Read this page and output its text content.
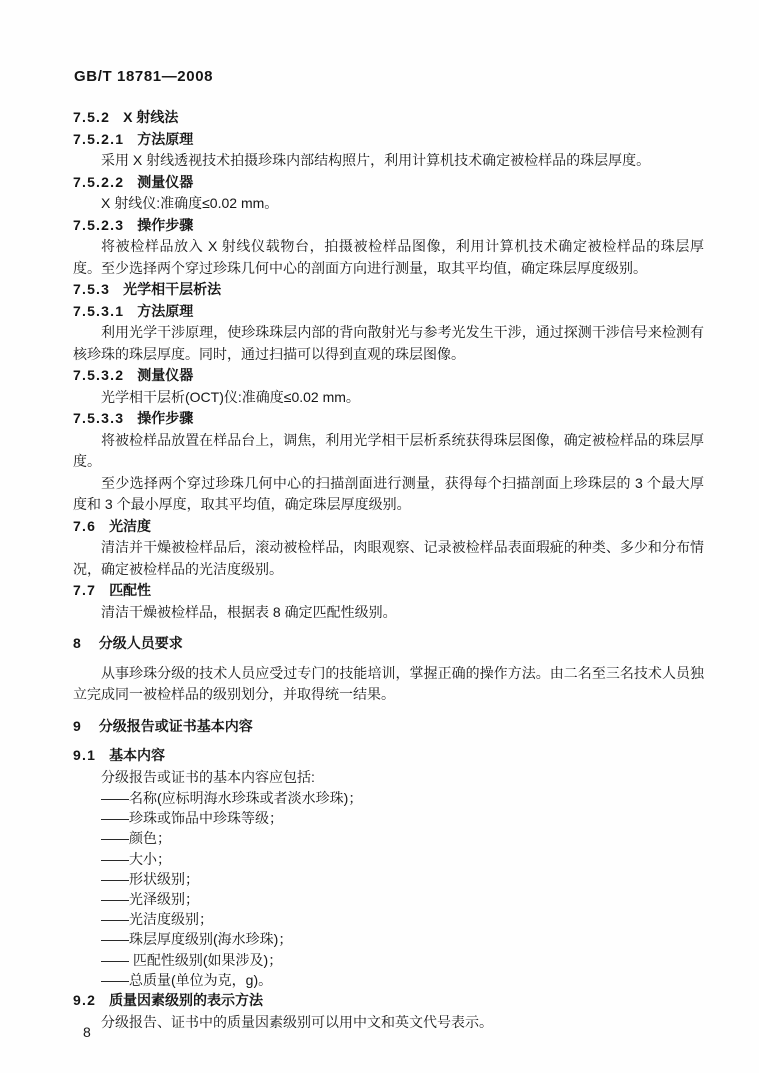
GB/T 18781—2008
7.5.2 X 射线法
7.5.2.1 方法原理

采用 X 射线透视技术拍摄珍珠内部结构照片，利用计算机技术确定被检样品的珠层厚度。

7.5.2.2 测量仪器

X 射线仪:准确度≤0.02 mm。

7.5.2.3 操作步骤

将被检样品放入 X 射线仪载物台，拍摄被检样品图像，利用计算机技术确定被检样品的珠层厚度。至少选择两个穿过珍珠几何中心的剖面方向进行测量，取其平均值，确定珠层厚度级别。

7.5.3 光学相干层析法
7.5.3.1 方法原理

利用光学干涉原理，使珍珠珠层内部的背向散射光与参考光发生干涉，通过探测干涉信号来检测有核珍珠的珠层厚度。同时，通过扫描可以得到直观的珠层图像。

7.5.3.2 测量仪器

光学相干层析(OCT)仪:准确度≤0.02 mm。

7.5.3.3 操作步骤

将被检样品放置在样品台上，调焦，利用光学相干层析系统获得珠层图像，确定被检样品的珠层厚度。

至少选择两个穿过珍珠几何中心的扫描剖面进行测量，获得每个扫描剖面上珍珠层的 3 个最大厚度和 3 个最小厚度，取其平均值，确定珠层厚度级别。

7.6 光洁度

清洁并干燥被检样品后，滚动被检样品，肉眼观察、记录被检样品表面瑕疵的种类、多少和分布情况，确定被检样品的光洁度级别。

7.7 匹配性

清洁干燥被检样品，根据表 8 确定匹配性级别。

8 分级人员要求

从事珍珠分级的技术人员应受过专门的技能培训，掌握正确的操作方法。由二名至三名技术人员独立完成同一被检样品的级别划分，并取得统一结果。

9 分级报告或证书基本内容
9.1 基本内容

分级报告或证书的基本内容应包括:

——名称(应标明海水珍珠或者淡水珍珠)；
——珍珠或饰品中珍珠等级；
——颜色；
——大小；
——形状级别；
——光泽级别；
——光洁度级别；
——珠层厚度级别(海水珍珠)；
—— 匹配性级别(如果涉及)；
——总质量(单位为克，g)。
9.2 质量因素级别的表示方法

分级报告、证书中的质量因素级别可以用中文和英文代号表示。

8
